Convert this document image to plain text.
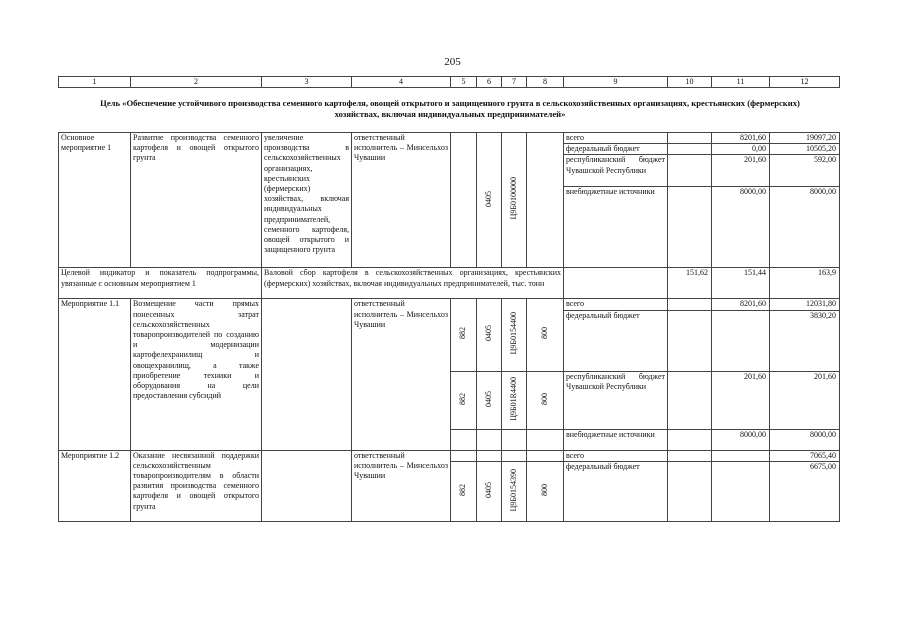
205
1	2	3	4	5	6	7	8	9	10	11	12
Цель «Обеспечение устойчивого производства семенного картофеля, овощей открытого и защищенного грунта в сельскохозяйственных организациях, крестьянских (фермерских) хозяйствах, включая индивидуальных предпринимателей»
Основное мероприятие 1	Развитие производства семенного картофеля и овощей открытого грунта	увеличение производства в сельскохозяйственных организациях, крестьянских (фермерских) хозяйствах, включая индивидуальных предпринимателей, семенного картофеля, овощей открытого и защищенного грунта	ответственный исполнитель – Минсельхоз Чувашии		0405	Ц9Б0100000		всего		8201,60	19097,20
								федеральный бюджет		0,00	10505,20
								республиканский бюджет Чувашской Республики		201,60	592,00
								внебюджетные источники		8000,00	8000,00
Целевой индикатор и показатель подпрограммы, увязанные с основным мероприятием 1		Валовой сбор картофеля в сельскохозяйственных организациях, крестьянских (фермерских) хозяйствах, включая индивидуальных предпринимателей, тыс. тонн							151,62	151,44	163,9
Мероприятие 1.1	Возмещение части прямых понесенных затрат сельскохозяйственных товаропроизводителей по созданию и модернизации картофелехранилищ и овощехранилищ, а также приобретение техники и оборудования на цели предоставления субсидий		ответственный исполнитель – Минсельхоз Чувашии	882	0405	Ц9Б0154400	800	всего		8201,60	12031,80
								федеральный бюджет			3830,20
				882	0405	Ц9Б01R4400	800	республиканский бюджет Чувашской Республики		201,60	201,60
								внебюджетные источники		8000,00	8000,00
Мероприятие 1.2	Оказание несвязанной поддержки сельскохозяйственным товаропроизводителям в области развития производства семенного картофеля и овощей открытого грунта		ответственный исполнитель – Минсельхоз Чувашии					всего			7065,40
				882	0405	Ц9Б0154390	800	федеральный бюджет			6675,00
